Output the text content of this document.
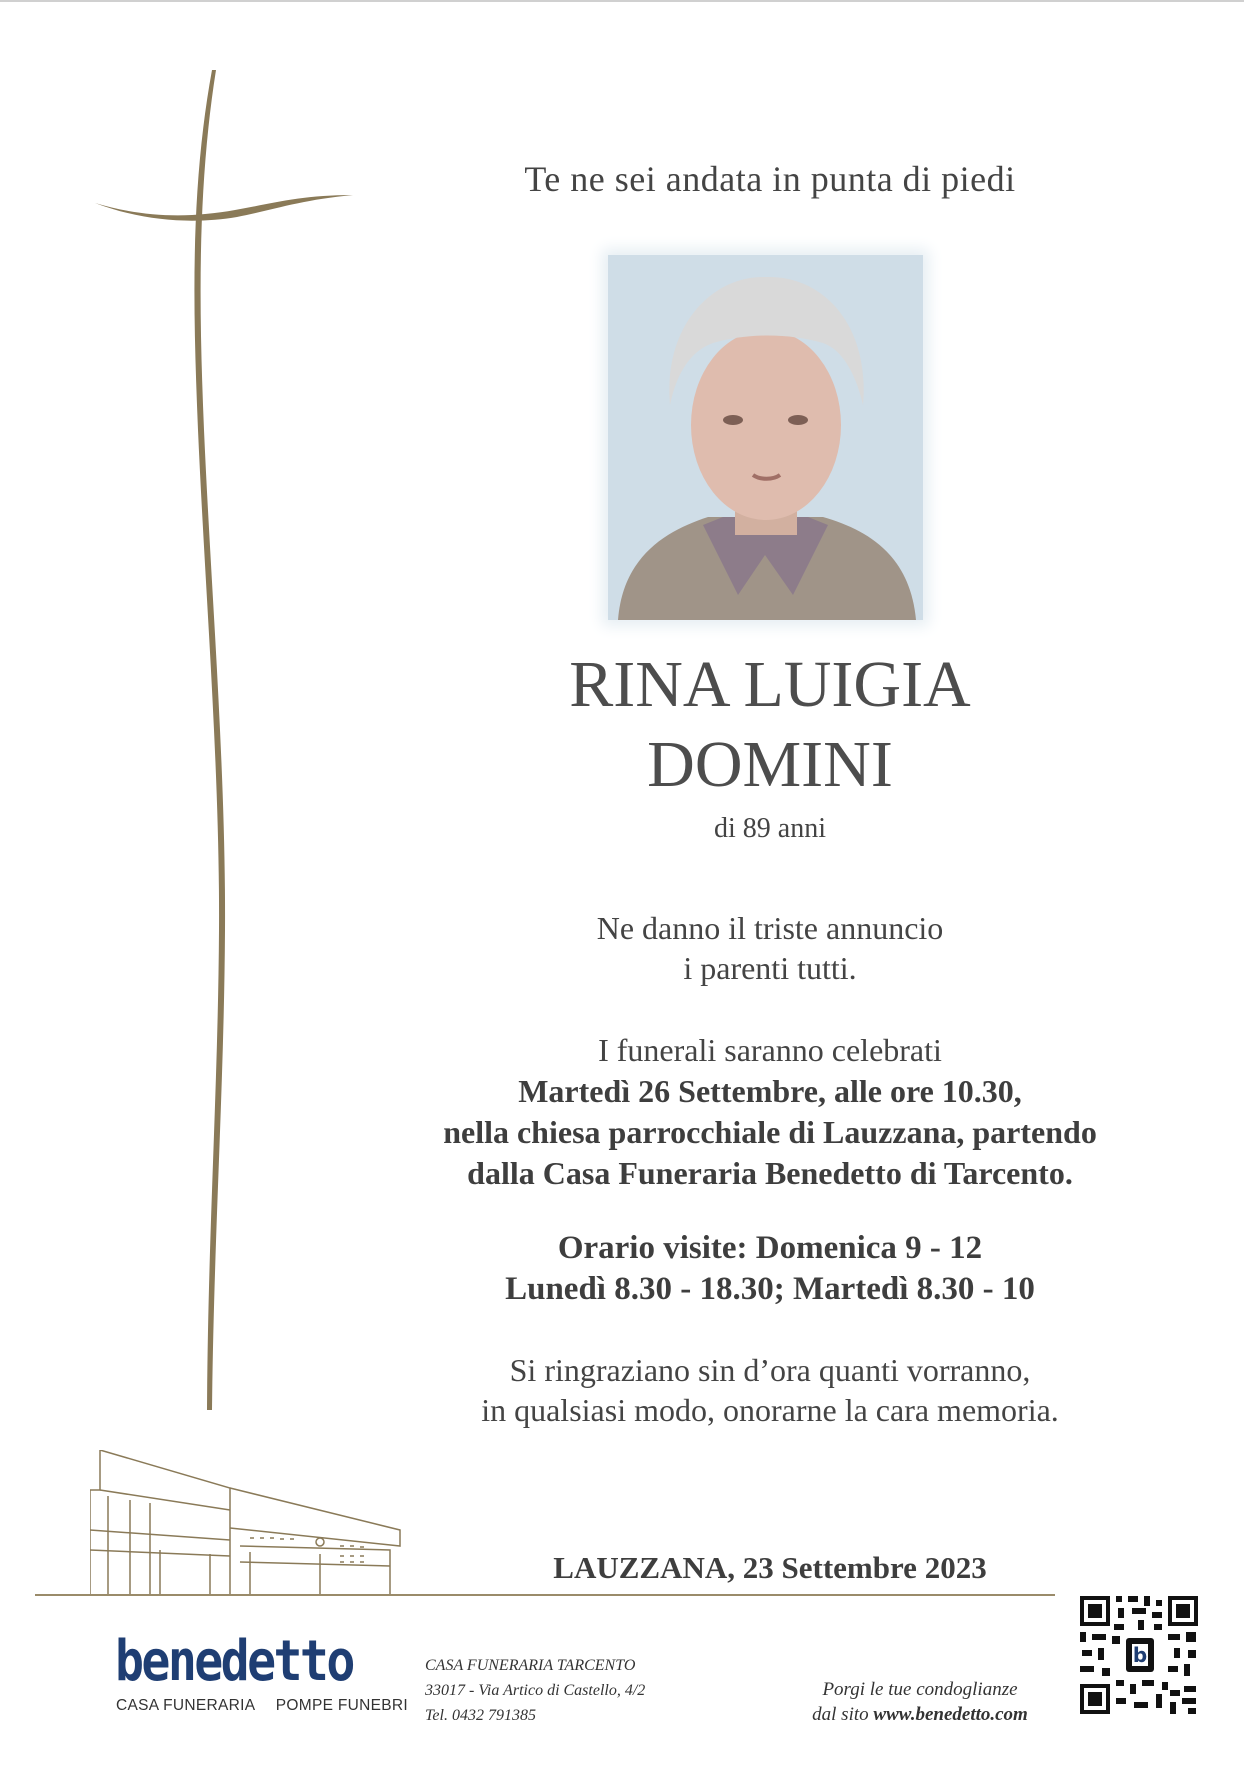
Te ne sei andata in punta di piedi
RINA LUIGIA
DOMINI
di 89 anni
Ne danno il triste annuncio
i parenti tutti.
I funerali saranno celebrati
Martedì 26 Settembre, alle ore 10.30,
nella chiesa parrocchiale di Lauzzana, partendo
dalla Casa Funeraria Benedetto di Tarcento.
Orario visite: Domenica 9 - 12
Lunedì 8.30 - 18.30; Martedì 8.30 - 10
Si ringraziano sin d’ora quanti vorranno,
in qualsiasi modo, onorarne la cara memoria.
LAUZZANA, 23 Settembre 2023
benedetto
CASA FUNERARIA POMPE FUNEBRI
CASA FUNERARIA TARCENTO
33017 - Via Artico di Castello, 4/2
Tel. 0432 791385
Porgi le tue condoglianze
dal sito www.benedetto.com
b
